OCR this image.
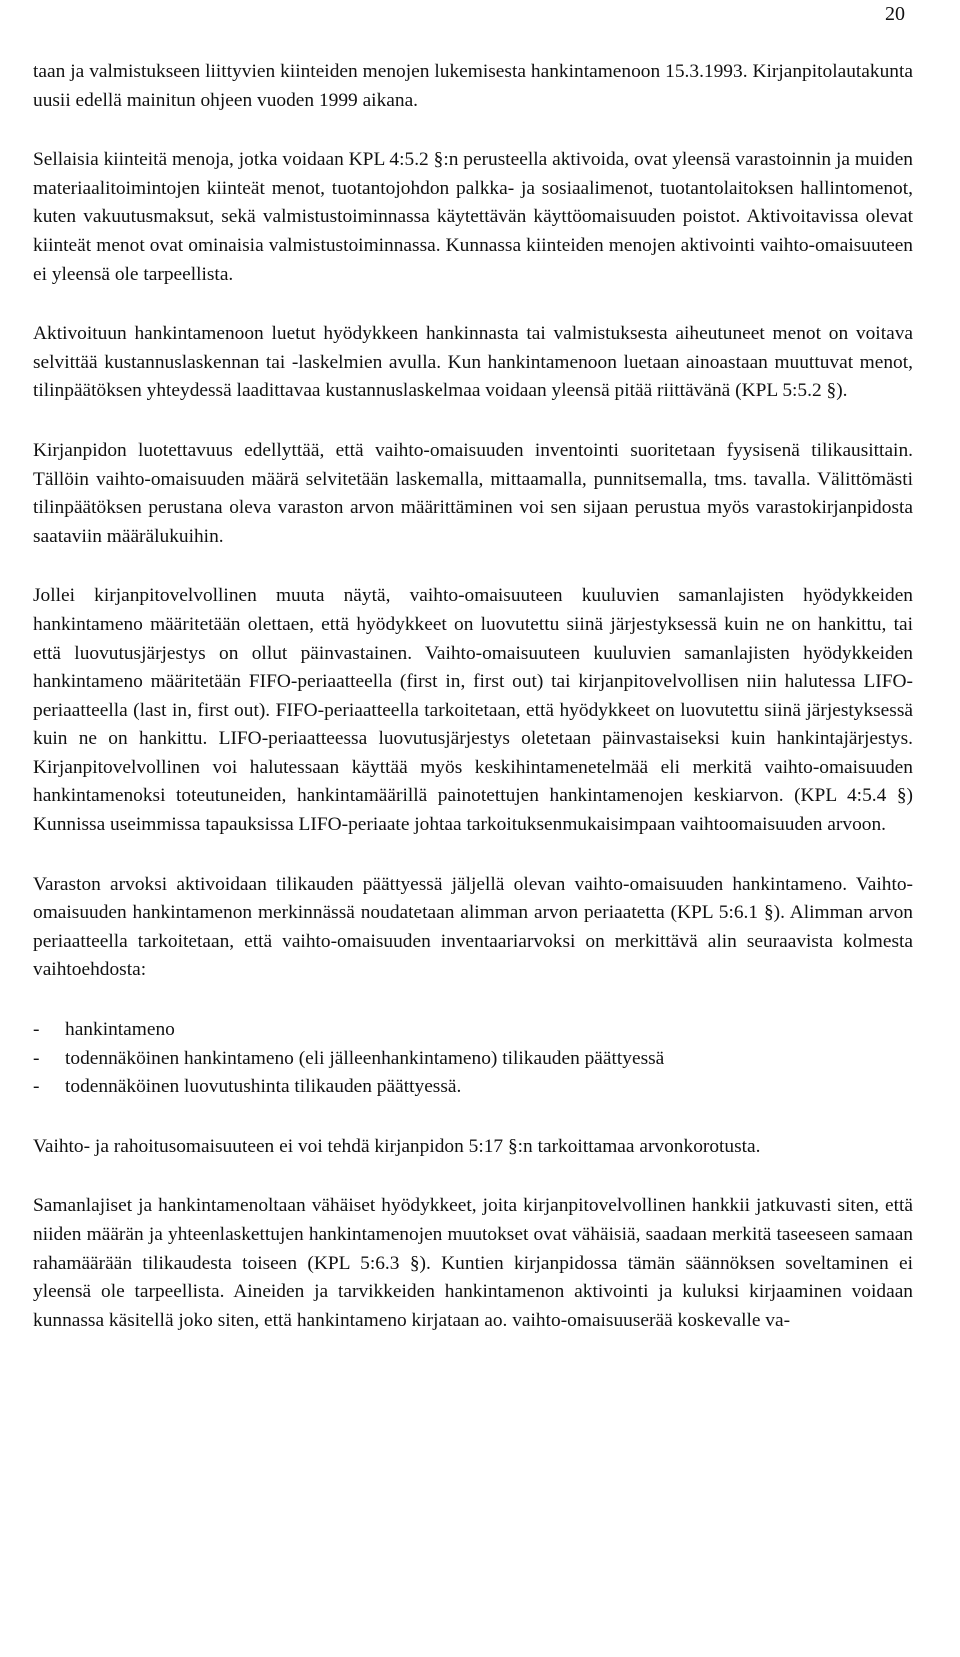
20

taan ja valmistukseen liittyvien kiinteiden menojen lukemisesta hankintamenoon 15.3.1993. Kirjanpitolautakunta uusii edellä mainitun ohjeen vuoden 1999 aikana.

Sellaisia kiinteitä menoja, jotka voidaan KPL 4:5.2 §:n perusteella aktivoida, ovat yleensä varastoinnin ja muiden materiaalitoimintojen kiinteät menot, tuotantojohdon palkka- ja sosiaalimenot, tuotantolaitoksen hallintomenot, kuten vakuutusmaksut, sekä valmistustoiminnassa käytettävän käyttöomaisuuden poistot. Aktivoitavissa olevat kiinteät menot ovat ominaisia valmistustoiminnassa. Kunnassa kiinteiden menojen aktivointi vaihto-omaisuuteen ei yleensä ole tarpeellista.

Aktivoituun hankintamenoon luetut hyödykkeen hankinnasta tai valmistuksesta aiheutuneet menot on voitava selvittää kustannuslaskennan tai -laskelmien avulla. Kun hankintamenoon luetaan ainoastaan muuttuvat menot, tilinpäätöksen yhteydessä laadittavaa kustannuslaskelmaa voidaan yleensä pitää riittävänä (KPL 5:5.2 §).

Kirjanpidon luotettavuus edellyttää, että vaihto-omaisuuden inventointi suoritetaan fyysisenä tilikausittain. Tällöin vaihto-omaisuuden määrä selvitetään laskemalla, mittaamalla, punnitsemalla, tms. tavalla. Välittömästi tilinpäätöksen perustana oleva varaston arvon määrittäminen voi sen sijaan perustua myös varastokirjanpidosta saataviin määrälukuihin.

Jollei kirjanpitovelvollinen muuta näytä, vaihto-omaisuuteen kuuluvien samanlajisten hyödykkeiden hankintameno määritetään olettaen, että hyödykkeet on luovutettu siinä järjestyksessä kuin ne on hankittu, tai että luovutusjärjestys on ollut päinvastainen. Vaihto-omaisuuteen kuuluvien samanlajisten hyödykkeiden hankintameno määritetään FIFO-periaatteella (first in, first out) tai kirjanpitovelvollisen niin halutessa LIFO-periaatteella (last in, first out). FIFO-periaatteella tarkoitetaan, että hyödykkeet on luovutettu siinä järjestyksessä kuin ne on hankittu. LIFO-periaatteessa luovutusjärjestys oletetaan päinvastaiseksi kuin hankintajärjestys. Kirjanpitovelvollinen voi halutessaan käyttää myös keskihintamenetelmää eli merkitä vaihto-omaisuuden hankintamenoksi toteutuneiden, hankintamäärillä painotettujen hankintamenojen keskiarvon. (KPL 4:5.4 §) Kunnissa useimmissa tapauksissa LIFO-periaate johtaa tarkoituksenmukaisimpaan vaihtoomaisuuden arvoon.

Varaston arvoksi aktivoidaan tilikauden päättyessä jäljellä olevan vaihto-omaisuuden hankintameno. Vaihto-omaisuuden hankintamenon merkinnässä noudatetaan alimman arvon periaatetta (KPL 5:6.1 §). Alimman arvon periaatteella tarkoitetaan, että vaihto-omaisuuden inventaariarvoksi on merkittävä alin seuraavista kolmesta vaihtoehdosta:

- hankintameno
- todennäköinen hankintameno (eli jälleenhankintameno) tilikauden päättyessä
- todennäköinen luovutushinta tilikauden päättyessä.

Vaihto- ja rahoitusomaisuuteen ei voi tehdä kirjanpidon 5:17 §:n tarkoittamaa arvonkorotusta.

Samanlajiset ja hankintamenoltaan vähäiset hyödykkeet, joita kirjanpitovelvollinen hankkii jatkuvasti siten, että niiden määrän ja yhteenlaskettujen hankintamenojen muutokset ovat vähäisiä, saadaan merkitä taseeseen samaan rahamäärään tilikaudesta toiseen (KPL 5:6.3 §). Kuntien kirjanpidossa tämän säännöksen soveltaminen ei yleensä ole tarpeellista. Aineiden ja tarvikkeiden hankintamenon aktivointi ja kuluksi kirjaaminen voidaan kunnassa käsitellä joko siten, että hankintameno kirjataan ao. vaihto-omaisuuserää koskevalle va-
